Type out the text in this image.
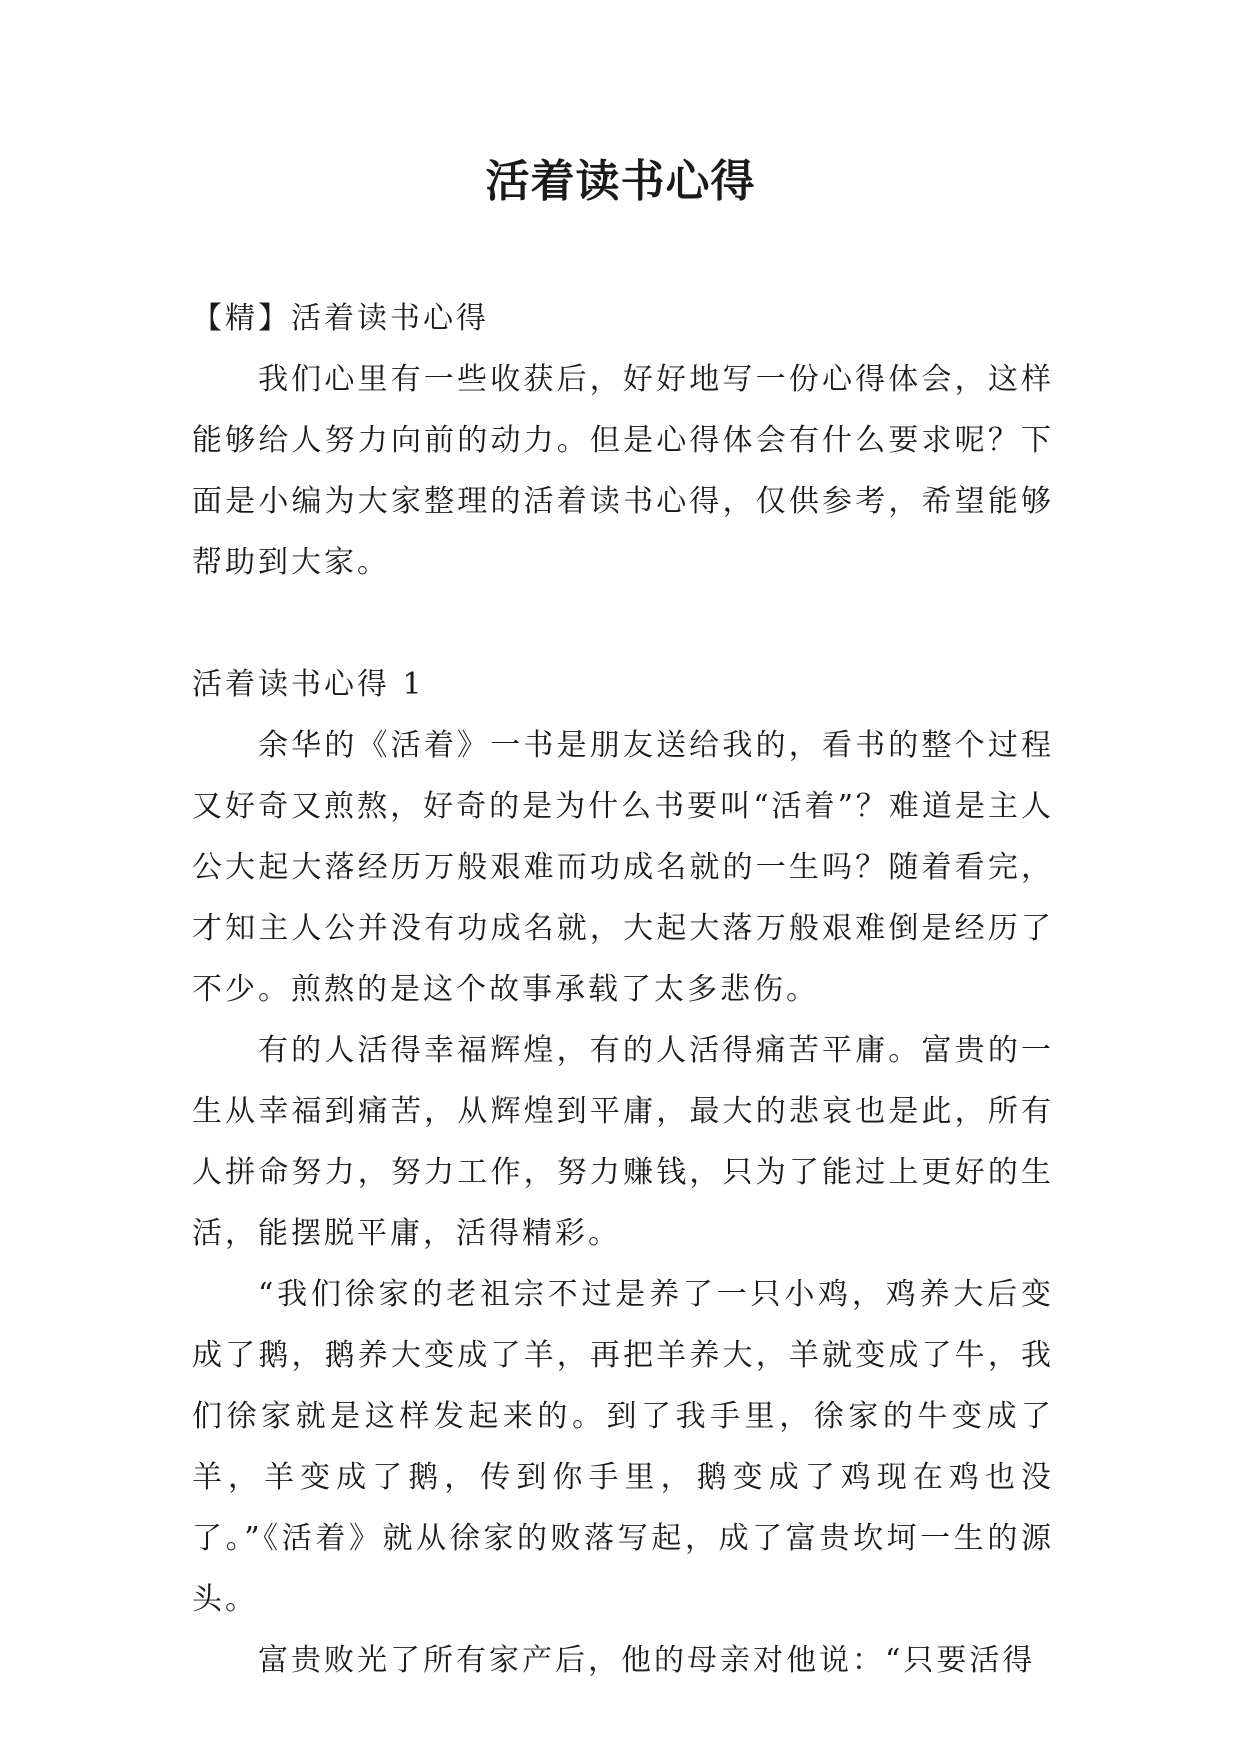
活着读书心得

【精】活着读书心得

我们心里有一些收获后，好好地写一份心得体会，这样能够给人努力向前的动力。但是心得体会有什么要求呢？下面是小编为大家整理的活着读书心得，仅供参考，希望能够帮助到大家。

活着读书心得 1

余华的《活着》一书是朋友送给我的，看书的整个过程又好奇又煎熬，好奇的是为什么书要叫“活着”？难道是主人公大起大落经历万般艰难而功成名就的一生吗？随着看完，才知主人公并没有功成名就，大起大落万般艰难倒是经历了不少。煎熬的是这个故事承载了太多悲伤。

有的人活得幸福辉煌，有的人活得痛苦平庸。富贵的一生从幸福到痛苦，从辉煌到平庸，最大的悲哀也是此，所有人拼命努力，努力工作，努力赚钱，只为了能过上更好的生活，能摆脱平庸，活得精彩。

“我们徐家的老祖宗不过是养了一只小鸡，鸡养大后变成了鹅，鹅养大变成了羊，再把羊养大，羊就变成了牛，我们徐家就是这样发起来的。到了我手里，徐家的牛变成了羊，羊变成了鹅，传到你手里，鹅变成了鸡现在鸡也没了。”《活着》就从徐家的败落写起，成了富贵坎坷一生的源头。

富贵败光了所有家产后，他的母亲对他说：“只要活得
